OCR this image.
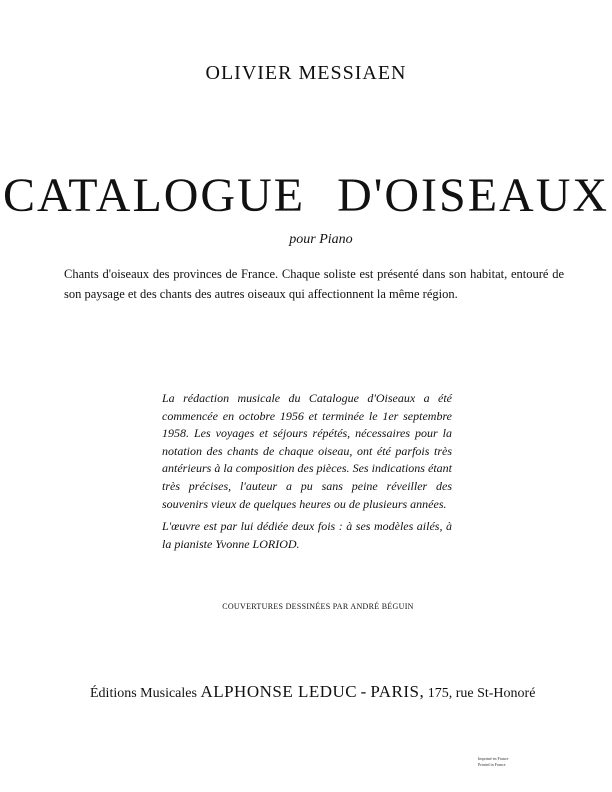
OLIVIER MESSIAEN
CATALOGUE D'OISEAUX
pour Piano
Chants d'oiseaux des provinces de France. Chaque soliste est présenté dans son habitat, entouré de son paysage et des chants des autres oiseaux qui affectionnent la même région.

La rédaction musicale du Catalogue d'Oiseaux a été commencée en octobre 1956 et terminée le 1er septembre 1958. Les voyages et séjours répétés, nécessaires pour la notation des chants de chaque oiseau, ont été parfois très antérieurs à la composition des pièces. Ses indications étant très précises, l'auteur a pu sans peine réveiller des souvenirs vieux de quelques heures ou de plusieurs années.

L'œuvre est par lui dédiée deux fois : à ses modèles ailés, à la pianiste Yvonne LORIOD.

COUVERTURES DESSINÉES PAR ANDRÉ BÉGUIN
Éditions Musicales ALPHONSE LEDUC - PARIS, 175, rue St-Honoré
Imprimé en France
Printed in France
